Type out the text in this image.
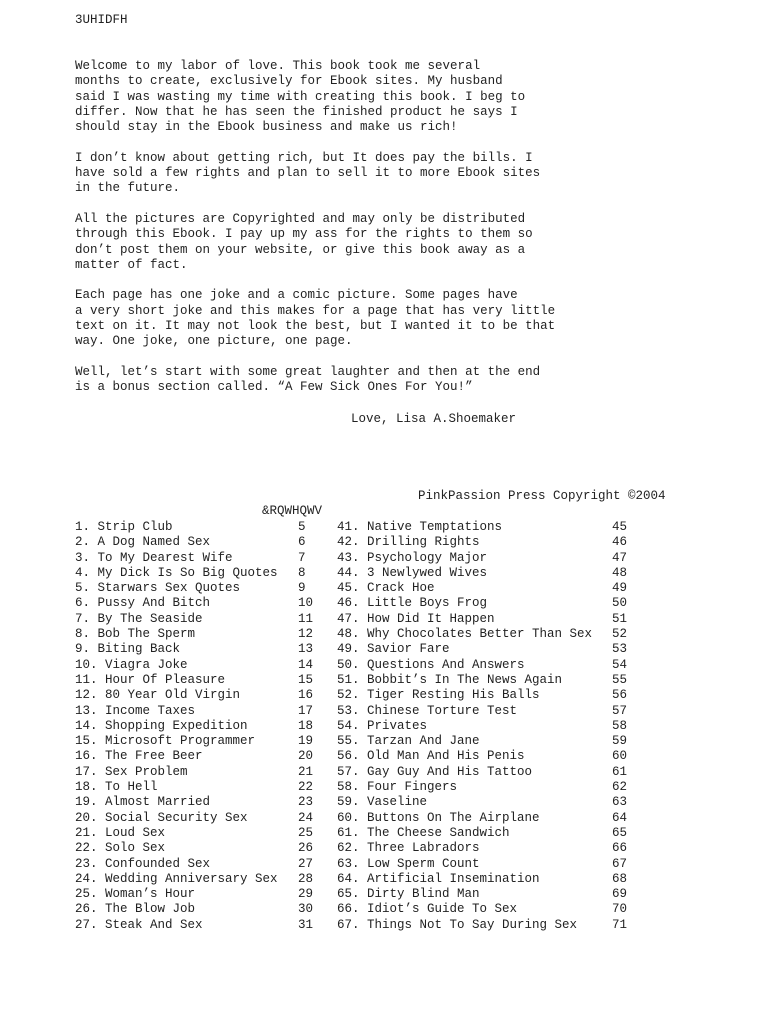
3UHIDFH

Welcome to my labor of love. This book took me several
months to create, exclusively for Ebook sites. My husband
said I was wasting my time with creating this book. I beg to
differ. Now that he has seen the finished product he says I
should stay in the Ebook business and make us rich!

I don’t know about getting rich, but It does pay the bills. I
have sold a few rights and plan to sell it to more Ebook sites
in the future.

All the pictures are Copyrighted and may only be distributed
through this Ebook. I pay up my ass for the rights to them so
don’t post them on your website, or give this book away as a
matter of fact.

Each page has one joke and a comic picture. Some pages have
a very short joke and this makes for a page that has very little
text on it. It may not look the best, but I wanted it to be that
way. One joke, one picture, one page.

Well, let’s start with some great laughter and then at the end
is a bonus section called. “A Few Sick Ones For You!”

Love, Lisa A.Shoemaker
PinkPassion Press Copyright ©2004
&RQWHQWV
1. Strip Club	5
2. A Dog Named Sex	6
3. To My Dearest Wife	7
4. My Dick Is So Big Quotes 8
5. Starwars Sex Quotes	9
6. Pussy And Bitch	10
7. By The Seaside	11
8. Bob The Sperm	12
9. Biting Back	13
10. Viagra Joke	14
11. Hour Of Pleasure	15
12. 80 Year Old Virgin	16
13. Income Taxes	17
14. Shopping Expedition	18
15. Microsoft Programmer	19
16. The Free Beer	20
17. Sex Problem	21
18. To Hell	22
19. Almost Married	23
20. Social Security Sex	24
21. Loud Sex	25
22. Solo Sex	26
23. Confounded Sex	27
24. Wedding Anniversary Sex 28
25. Woman’s Hour	29
26. The Blow Job	30
27. Steak And Sex	31
41. Native Temptations	45
42. Drilling Rights	46
43. Psychology Major	47
44. 3 Newlywed Wives	48
45. Crack Hoe	49
46. Little Boys Frog	50
47. How Did It Happen	51
48. Why Chocolates Better Than Sex 52
49. Savior Fare	53
50. Questions And Answers	54
51. Bobbit’s In The News Again	55
52. Tiger Resting His Balls	56
53. Chinese Torture Test	57
54. Privates	58
55. Tarzan And Jane	59
56. Old Man And His Penis	60
57. Gay Guy And His Tattoo	61
58. Four Fingers	62
59. Vaseline	63
60. Buttons On The Airplane	64
61. The Cheese Sandwich	65
62. Three Labradors	66
63. Low Sperm Count	67
64. Artificial Insemination	68
65. Dirty Blind Man	69
66. Idiot’s Guide To Sex	70
67. Things Not To Say During Sex	71
